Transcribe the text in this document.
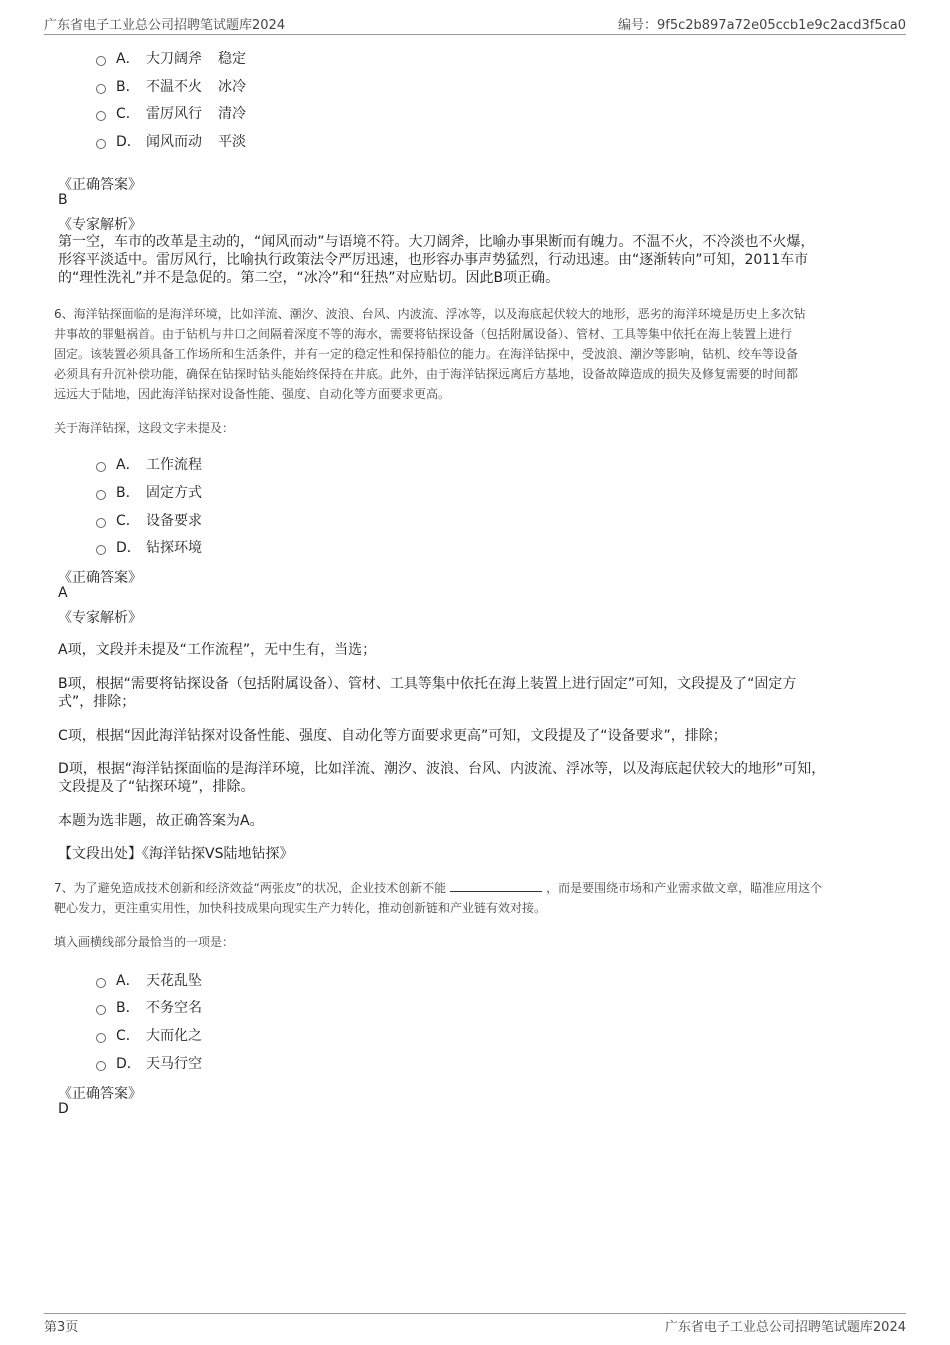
广东省电子工业总公司招聘笔试题库2024	编号：9f5c2b897a72e05ccb1e9c2acd3f5ca0
A． 大刀阔斧 稳定
B． 不温不火 冰冷
C． 雷厉风行 清冷
D． 闻风而动 平淡
《正确答案》
B
《专家解析》
第一空，车市的改革是主动的，“闻风而动”与语境不符。大刀阔斧，比喻办事果断而有魄力。不温不火，不冷淡也不火爆，
形容平淡适中。雷厉风行，比喻执行政策法令严厉迅速，也形容办事声势猛烈，行动迅速。由“逐渐转向”可知，2011车市
的“理性洗礼”并不是急促的。第二空，“冰冷”和“狂热”对应贴切。因此B项正确。
6、海洋钻探面临的是海洋环境，比如洋流、潮汐、波浪、台风、内波流、浮冰等，以及海底起伏较大的地形，恶劣的海洋环境是历史上多次钻
井事故的罪魁祸首。由于钻机与井口之间隔着深度不等的海水，需要将钻探设备（包括附属设备）、管材、工具等集中依托在海上装置上进行
固定。该装置必须具备工作场所和生活条件，并有一定的稳定性和保持船位的能力。在海洋钻探中，受波浪、潮汐等影响，钻机、绞车等设备
必须具有升沉补偿功能，确保在钻探时钻头能始终保持在井底。此外，由于海洋钻探远离后方基地，设备故障造成的损失及修复需要的时间都
远远大于陆地，因此海洋钻探对设备性能、强度、自动化等方面要求更高。
关于海洋钻探，这段文字未提及：
A． 工作流程
B． 固定方式
C． 设备要求
D． 钻探环境
《正确答案》
A
《专家解析》
A项，文段并未提及“工作流程”，无中生有，当选；
B项，根据“需要将钻探设备（包括附属设备）、管材、工具等集中依托在海上装置上进行固定”可知，文段提及了“固定方
式”，排除；
C项，根据“因此海洋钻探对设备性能、强度、自动化等方面要求更高”可知，文段提及了“设备要求”，排除；
D项，根据“海洋钻探面临的是海洋环境，比如洋流、潮汐、波浪、台风、内波流、浮冰等，以及海底起伏较大的地形”可知，
文段提及了“钻探环境”，排除。
本题为选非题，故正确答案为A。
【文段出处】《海洋钻探VS陆地钻探》
7、为了避免造成技术创新和经济效益“两张皮”的状况，企业技术创新不能	，而是要围绕市场和产业需求做文章，瞄准应用这个
靶心发力，更注重实用性，加快科技成果向现实生产力转化，推动创新链和产业链有效对接。
填入画横线部分最恰当的一项是：
A． 天花乱坠
B． 不务空名
C． 大而化之
D． 天马行空
《正确答案》
D
第3页	广东省电子工业总公司招聘笔试题库2024
